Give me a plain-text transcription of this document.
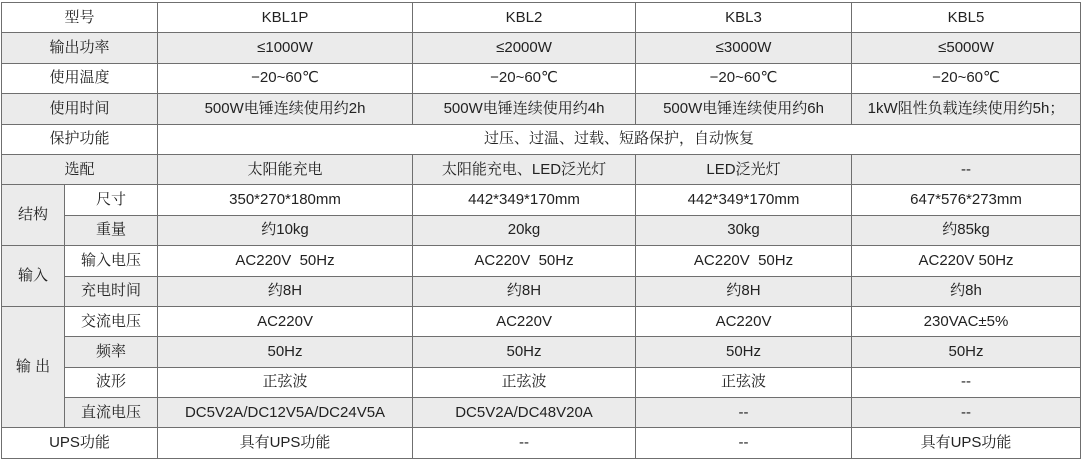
型号		KBL1P	KBL2	KBL3	KBL5
输出功率		≤1000W	≤2000W	≤3000W	≤5000W
使用温度		−20~60℃	−20~60℃	−20~60℃	−20~60℃
使用时间		500W电锤连续使用约2h	500W电锤连续使用约4h	500W电锤连续使用约6h	1kW阻性负载连续使用约5h；
保护功能		过压、过温、过载、短路保护，自动恢复			
选配		太阳能充电	太阳能充电、LED泛光灯	LED泛光灯	--
结构	尺寸	350*270*180mm	442*349*170mm	442*349*170mm	647*576*273mm
	重量	约10kg	20kg	30kg	约85kg
输入	输入电压	AC220V  50Hz	AC220V  50Hz	AC220V  50Hz	AC220V 50Hz
	充电时间	约8H	约8H	约8H	约8h
输 出	交流电压	AC220V	AC220V	AC220V	230VAC±5%
	频率	50Hz	50Hz	50Hz	50Hz
	波形	正弦波	正弦波	正弦波	--
	直流电压	DC5V2A/DC12V5A/DC24V5A	DC5V2A/DC48V20A	--	--
UPS功能		具有UPS功能	--	--	具有UPS功能
